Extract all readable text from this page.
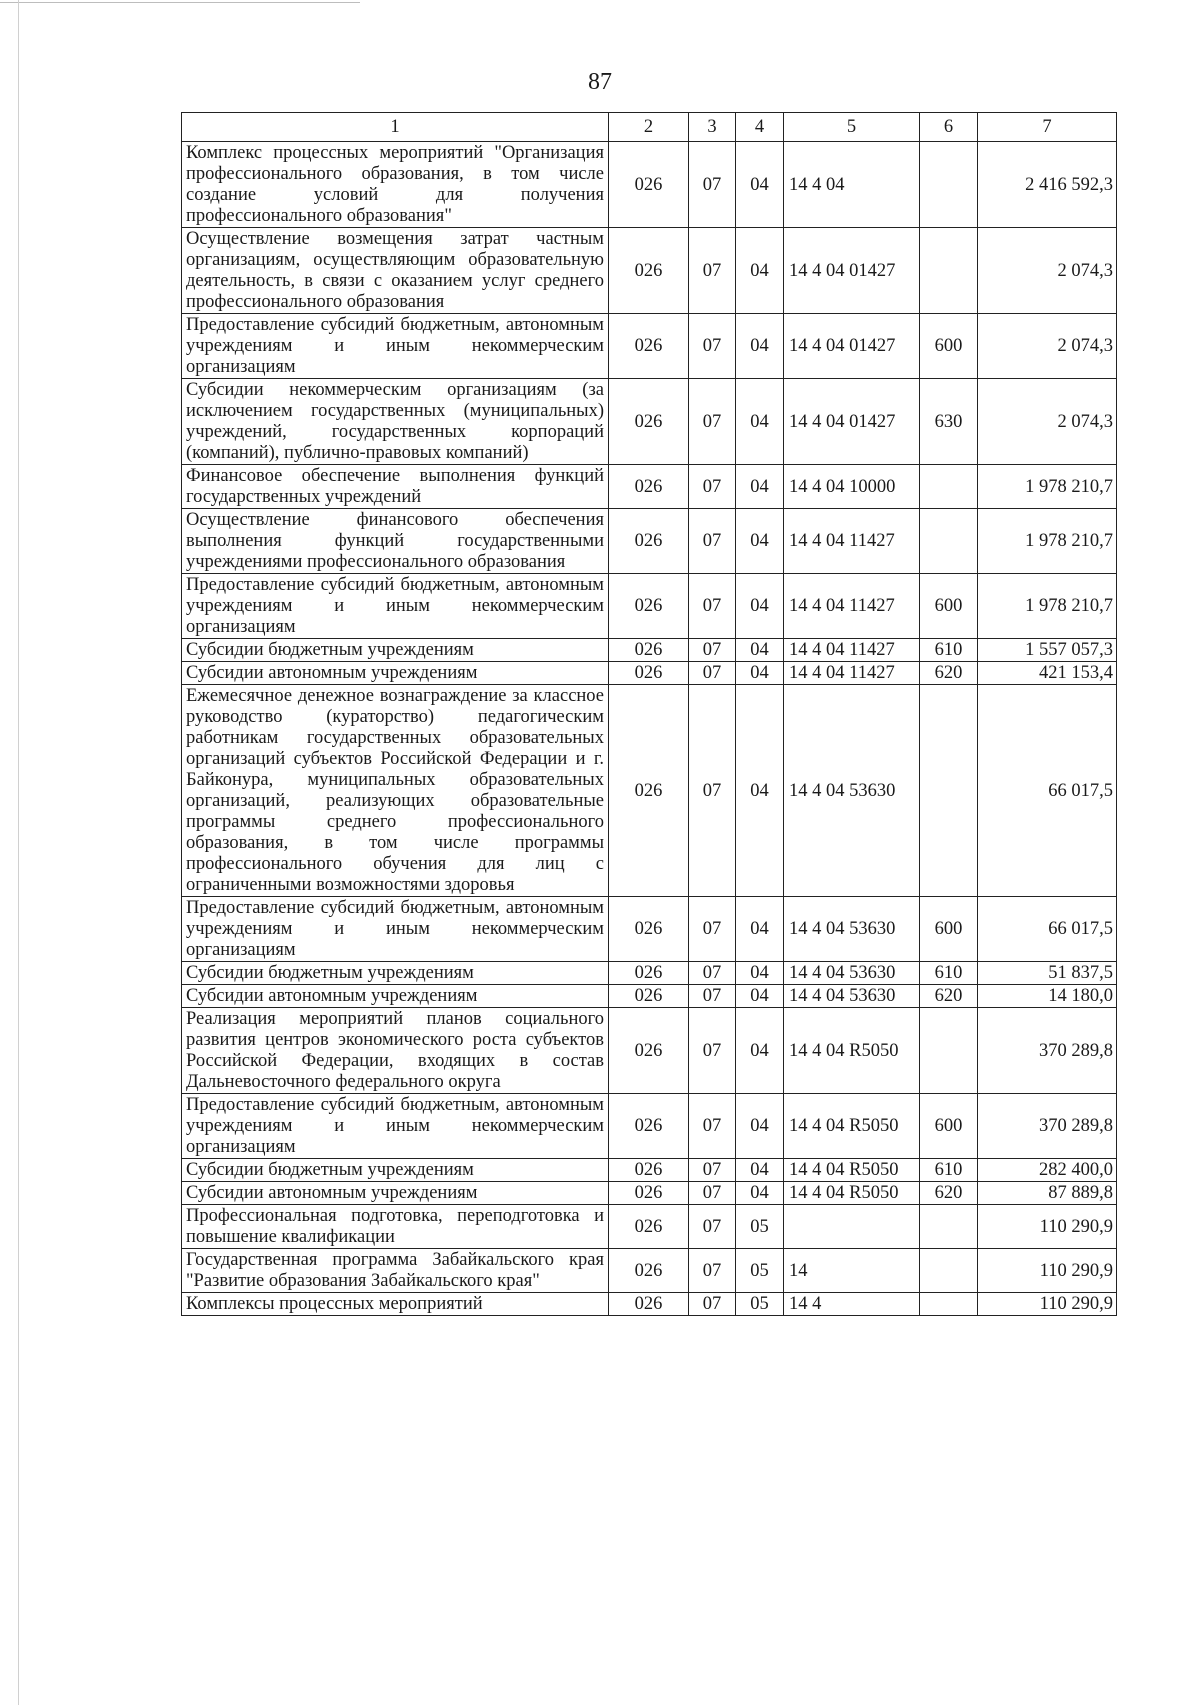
87
1	2	3	4	5	6	7
Комплекс процессных мероприятий "Организация профессионального образования, в том числе создание условий для получения профессионального образования"	026	07	04	14 4 04		2 416 592,3
Осуществление возмещения затрат частным организациям, осуществляющим образовательную деятельность, в связи с оказанием услуг среднего профессионального образования	026	07	04	14 4 04 01427		2 074,3
Предоставление субсидий бюджетным, автономным учреждениям и иным некоммерческим организациям	026	07	04	14 4 04 01427	600	2 074,3
Субсидии некоммерческим организациям (за исключением государственных (муниципальных) учреждений, государственных корпораций (компаний), публично-правовых компаний)	026	07	04	14 4 04 01427	630	2 074,3
Финансовое обеспечение выполнения функций государственных учреждений	026	07	04	14 4 04 10000		1 978 210,7
Осуществление финансового обеспечения выполнения функций государственными учреждениями профессионального образования	026	07	04	14 4 04 11427		1 978 210,7
Предоставление субсидий бюджетным, автономным учреждениям и иным некоммерческим организациям	026	07	04	14 4 04 11427	600	1 978 210,7
Субсидии бюджетным учреждениям	026	07	04	14 4 04 11427	610	1 557 057,3
Субсидии автономным учреждениям	026	07	04	14 4 04 11427	620	421 153,4
Ежемесячное денежное вознаграждение за классное руководство (кураторство) педагогическим работникам государственных образовательных организаций субъектов Российской Федерации и г. Байконура, муниципальных образовательных организаций, реализующих образовательные программы среднего профессионального образования, в том числе программы профессионального обучения для лиц с ограниченными возможностями здоровья	026	07	04	14 4 04 53630		66 017,5
Предоставление субсидий бюджетным, автономным учреждениям и иным некоммерческим организациям	026	07	04	14 4 04 53630	600	66 017,5
Субсидии бюджетным учреждениям	026	07	04	14 4 04 53630	610	51 837,5
Субсидии автономным учреждениям	026	07	04	14 4 04 53630	620	14 180,0
Реализация мероприятий планов социального развития центров экономического роста субъектов Российской Федерации, входящих в состав Дальневосточного федерального округа	026	07	04	14 4 04 R5050		370 289,8
Предоставление субсидий бюджетным, автономным учреждениям и иным некоммерческим организациям	026	07	04	14 4 04 R5050	600	370 289,8
Субсидии бюджетным учреждениям	026	07	04	14 4 04 R5050	610	282 400,0
Субсидии автономным учреждениям	026	07	04	14 4 04 R5050	620	87 889,8
Профессиональная подготовка, переподготовка и повышение квалификации	026	07	05			110 290,9
Государственная программа Забайкальского края "Развитие образования Забайкальского края"	026	07	05	14		110 290,9
Комплексы процессных мероприятий	026	07	05	14 4		110 290,9
